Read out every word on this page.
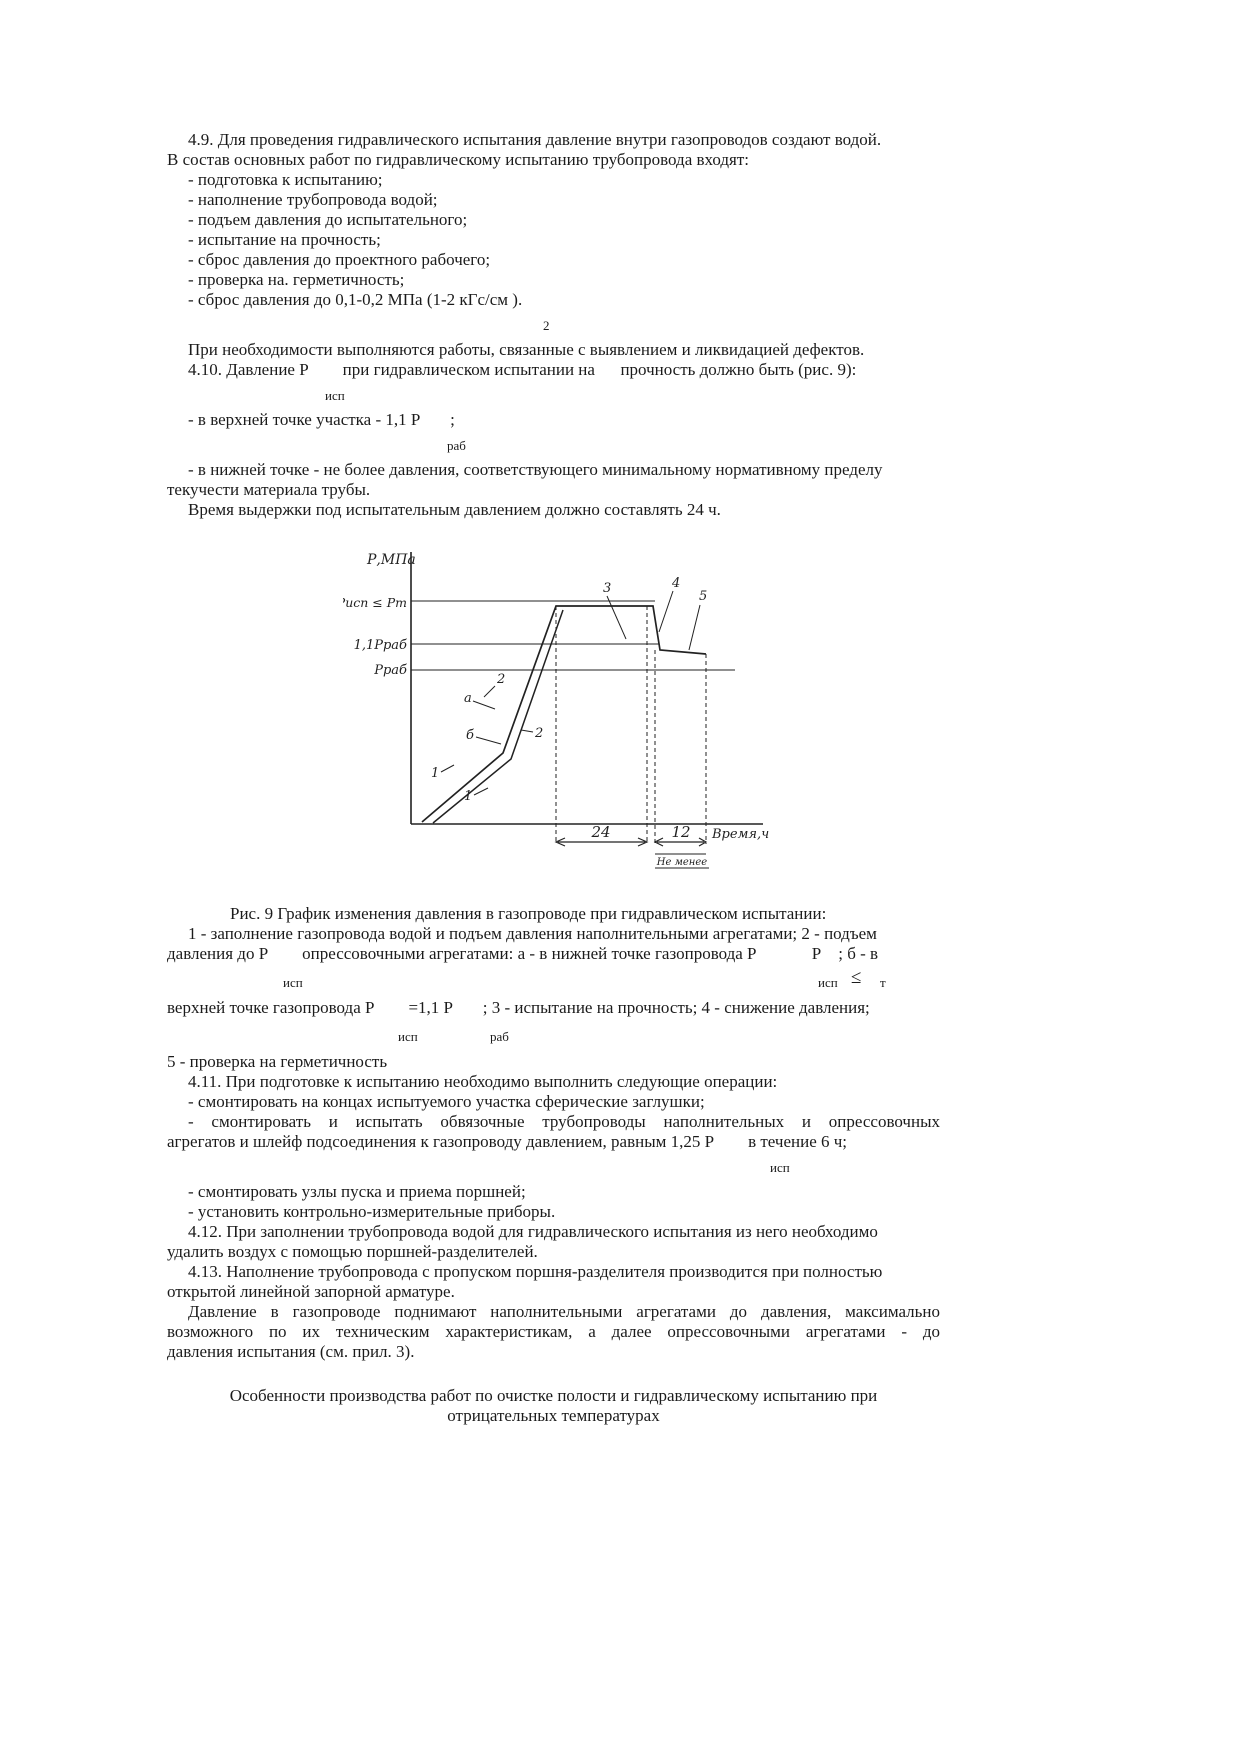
4.9. Для проведения гидравлического испытания давление внутри газопроводов создают водой.
В состав основных работ по гидравлическому испытанию трубопровода входят:
- подготовка к испытанию;
- наполнение трубопровода водой;
- подъем давления до испытательного;
- испытание на прочность;
- сброс давления до проектного рабочего;
- проверка на. герметичность;
- сброс давления до 0,1-0,2 МПа (1-2 кГс/см ).
2
При необходимости выполняются работы, связанные с выявлением и ликвидацией дефектов.
4.10. Давление Р        при гидравлическом испытании на      прочность должно быть (рис. 9):
исп
- в верхней точке участка - 1,1 Р       ;
раб
- в нижней точке - не более давления, соответствующего минимальному нормативному пределу
текучести материала трубы.
Время выдержки под испытательным давлением должно составлять 24 ч.
Р,МПа
Рисп ≤ Рт
1,1Рраб
Рраб
1
1
а
б
2
2
3	4
5
24	12 Время,ч
Не менее
Рис. 9 График изменения давления в газопроводе при гидравлическом испытании:
1 - заполнение газопровода водой и подъем давления наполнительными агрегатами; 2 - подъем
давления до Р        опрессовочными агрегатами: а - в нижней точке газопровода Р             Р    ; б - в
исп	исп ≤ т
верхней точке газопровода Р        =1,1 Р       ; 3 - испытание на прочность; 4 - снижение давления;
исп	раб
5 - проверка на герметичность
4.11. При подготовке к испытанию необходимо выполнить следующие операции:
- смонтировать на концах испытуемого участка сферические заглушки;
- смонтировать и испытать обвязочные трубопроводы наполнительных и опрессовочных
агрегатов и шлейф подсоединения к газопроводу давлением, равным 1,25 Р        в течение 6 ч;
исп
- смонтировать узлы пуска и приема поршней;
- установить контрольно-измерительные приборы.
4.12. При заполнении трубопровода водой для гидравлического испытания из него необходимо
удалить воздух с помощью поршней-разделителей.
4.13. Наполнение трубопровода с пропуском поршня-разделителя производится при полностью
открытой линейной запорной арматуре.
Давление в газопроводе поднимают наполнительными агрегатами до давления, максимально
возможного по их техническим характеристикам, а далее опрессовочными агрегатами - до
давления испытания (см. прил. 3).
Особенности производства работ по очистке полости и гидравлическому испытанию при
отрицательных температурах
